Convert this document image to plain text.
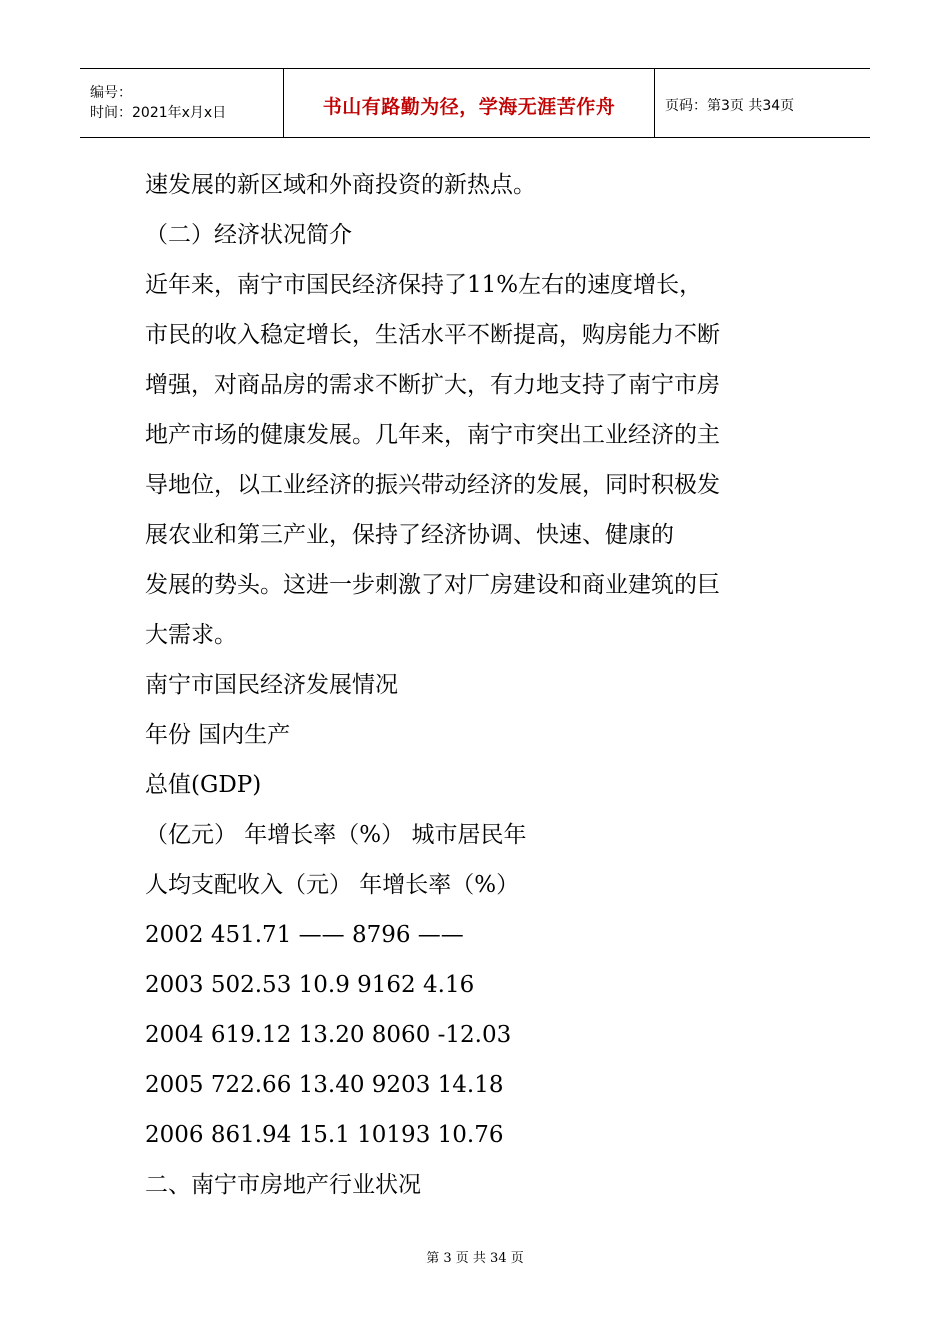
编号：
时间：2021年x月x日	书山有路勤为径，学海无涯苦作舟	页码：第3页 共34页
速发展的新区域和外商投资的新热点。
（二）经济状况简介
近年来，南宁市国民经济保持了11%左右的速度增长，
市民的收入稳定增长，生活水平不断提高，购房能力不断
增强，对商品房的需求不断扩大，有力地支持了南宁市房
地产市场的健康发展。几年来，南宁市突出工业经济的主
导地位，以工业经济的振兴带动经济的发展，同时积极发
展农业和第三产业，保持了经济协调、快速、健康的
发展的势头。这进一步刺激了对厂房建设和商业建筑的巨
大需求。
南宁市国民经济发展情况
年份 国内生产
总值(GDP)
（亿元） 年增长率（%） 城市居民年
人均支配收入（元） 年增长率（%）
2002 451.71 —— 8796 ——
2003 502.53 10.9 9162 4.16
2004 619.12 13.20 8060 -12.03
2005 722.66 13.40 9203 14.18
2006 861.94 15.1 10193 10.76
二、南宁市房地产行业状况
第 3 页 共 34 页
